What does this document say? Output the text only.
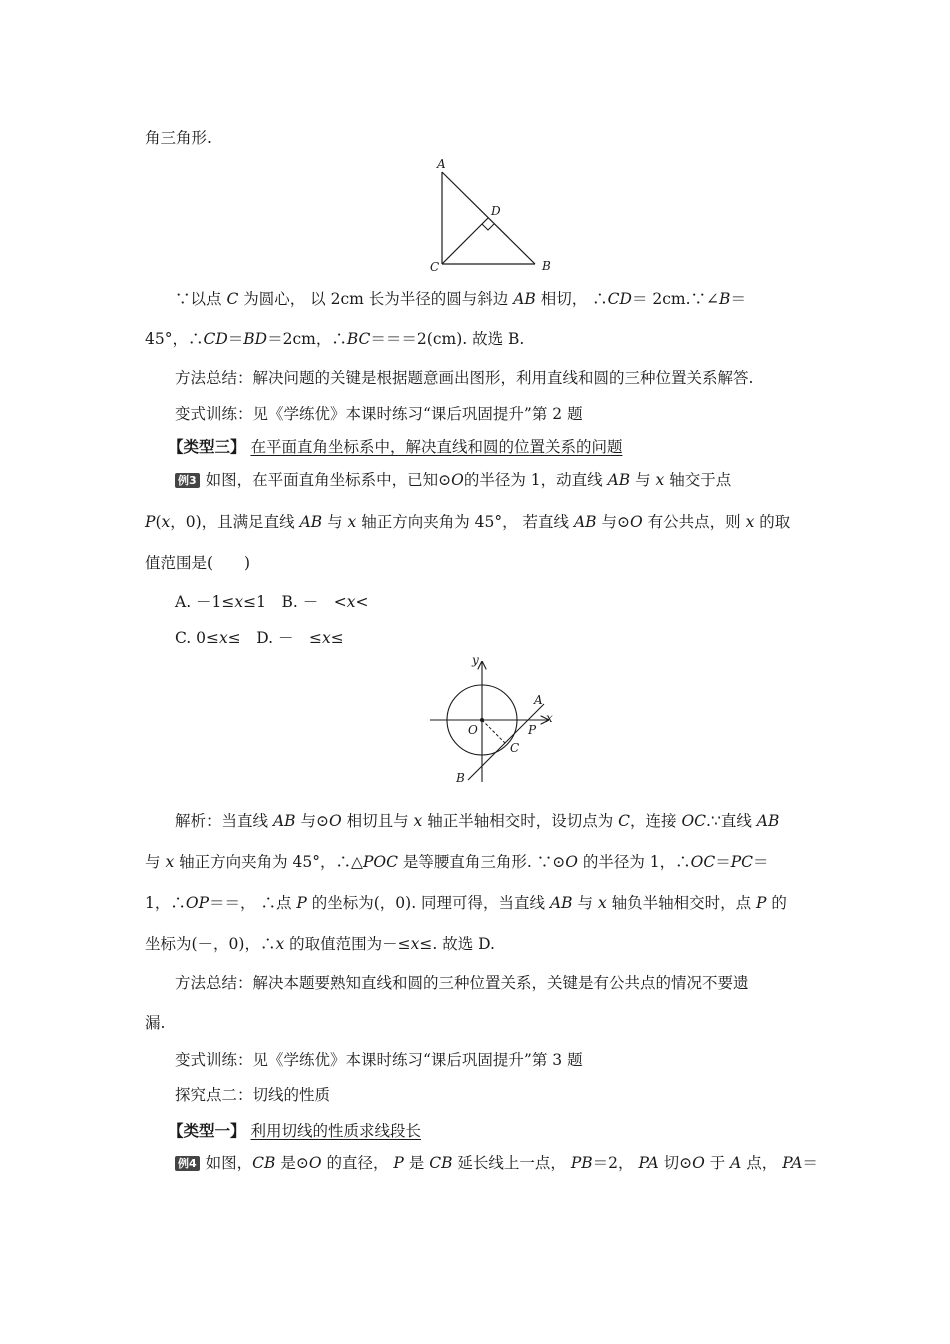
角三角形.
A
D
C	B
∵以点 C 为圆心， 以 2cm 长为半径的圆与斜边 AB 相切， ∴CD＝ 2cm.∵∠B＝
45°，∴CD＝BD＝2cm，∴BC＝＝＝2(cm). 故选 B.
方法总结：解决问题的关键是根据题意画出图形，利用直线和圆的三种位置关系解答.
变式训练：见《学练优》本课时练习“课后巩固提升”第 2 题
【类型三】 在平面直角坐标系中，解决直线和圆的位置关系的问题
例3 如图，在平面直角坐标系中，已知⊙O的半径为 1，动直线 AB 与 x 轴交于点
P(x，0)，且满足直线 AB 与 x 轴正方向夹角为 45°， 若直线 AB 与⊙O 有公共点，则 x 的取
值范围是(　　)
A. －1≤x≤1　B. －　<x<
C. 0≤x≤　D. －　≤x≤
y
x
O
A
P
C
B
解析：当直线 AB 与⊙O 相切且与 x 轴正半轴相交时，设切点为 C，连接 OC.∵直线 AB
与 x 轴正方向夹角为 45°，∴△POC 是等腰直角三角形. ∵⊙O 的半径为 1，∴OC＝PC＝
1，∴OP＝＝， ∴点 P 的坐标为(，0). 同理可得，当直线 AB 与 x 轴负半轴相交时，点 P 的
坐标为(－，0)，∴x 的取值范围为－≤x≤. 故选 D.
方法总结：解决本题要熟知直线和圆的三种位置关系，关键是有公共点的情况不要遗
漏.
变式训练：见《学练优》本课时练习“课后巩固提升”第 3 题
探究点二：切线的性质
【类型一】 利用切线的性质求线段长
例4 如图，CB 是⊙O 的直径， P 是 CB 延长线上一点， PB＝2， PA 切⊙O 于 A 点， PA＝
